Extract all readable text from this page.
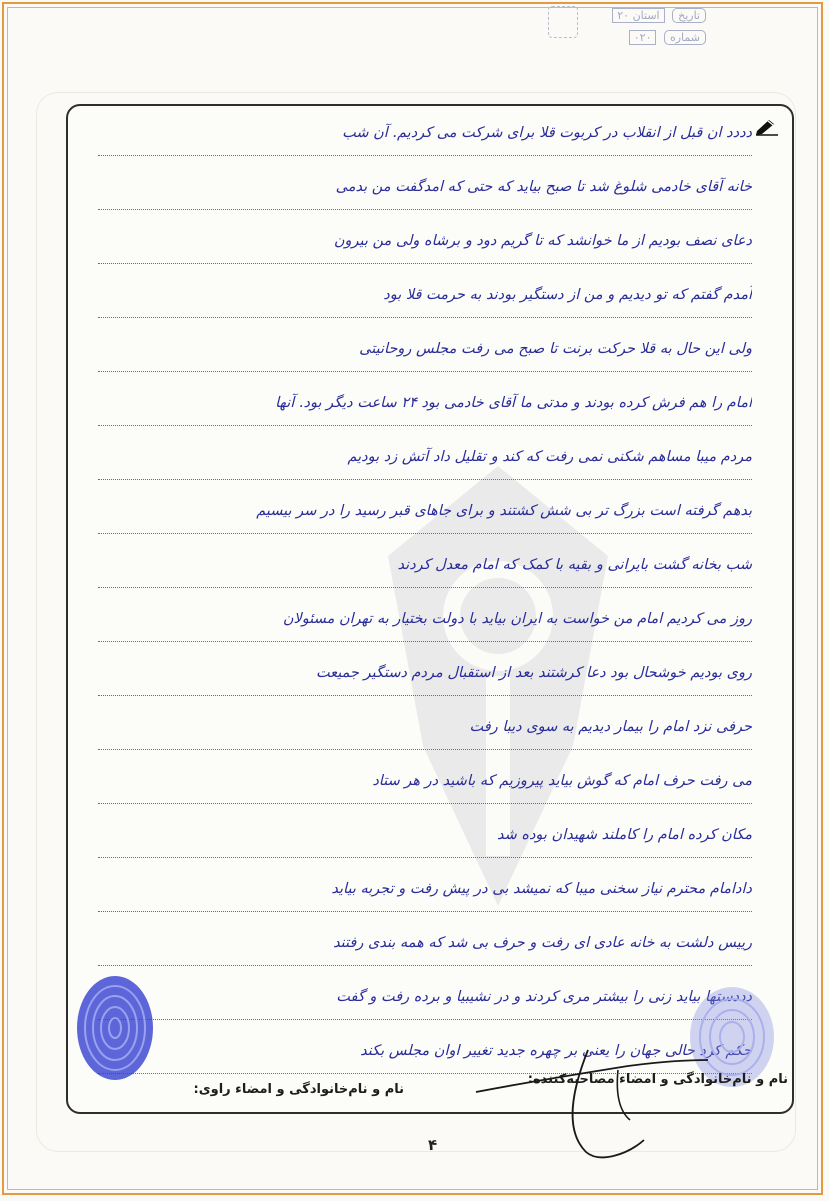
تاریخ استان ۲۰
شماره ۰۲۰
دددد ان قبل از انقلاب در کربوت قلا برای شرکت می کردیم. آن شب
خانه آقای خادمی شلوغ شد تا صبح بیاید که حتی که امدگفت من بدمی
دعای نصف بودیم از ما خوانشد که تا گریم دود و برشاه ولی من بیرون
آمدم گفتم که تو دیدیم و من از دستگیر بودند به حرمت قلا بود
ولی این حال به قلا حرکت برنت تا صبح می رفت مجلس روحانیتی
امام را هم فرش کرده بودند و مدتی ما آقای خادمی بود ۲۴ ساعت دیگر بود. آنها
مردم میبا مساهم شکنی نمی رفت که کند و تقلیل داد آتش زد بودیم
بدهم گرفته است بزرگ تر بی شش کشتند و برای جاهای قبر رسید را در سر بیسیم
شب بخانه گشت بایرانی و بقیه با کمک که امام معدل کردند
روز می کردیم امام من خواست به ایران بیاید با دولت بختیار به تهران مسئولان
روی بودیم خوشحال بود دعا کرشتند بعد از استقبال مردم دستگیر جمیعت
حرفی نزد امام را بیمار دیدیم به سوی دیبا رفت
می رفت حرف امام که گوش بیاید پیروزیم که باشید در هر ستاد
مکان کرده امام را کاملند شهیدان بوده شد
دادامام محترم نیاز سخنی میبا که نمیشد بی در پیش رفت و تجربه بیاید
رییس دلشت به خانه عادی ای رفت و حرف بی شد که همه بندی رفتند
دددستها بیاید زنی را بیشتر مری کردند و در نشیبیا و برده رفت و گفت
حکم کرد حالی جهان را یعنی بر چهره جدید تغییر اوان مجلس بکند
نام و نام‌خانوادگی و امضاء مصاحبه‌کننده:
نام و نام‌خانوادگی و امضاء راوی:
۴
